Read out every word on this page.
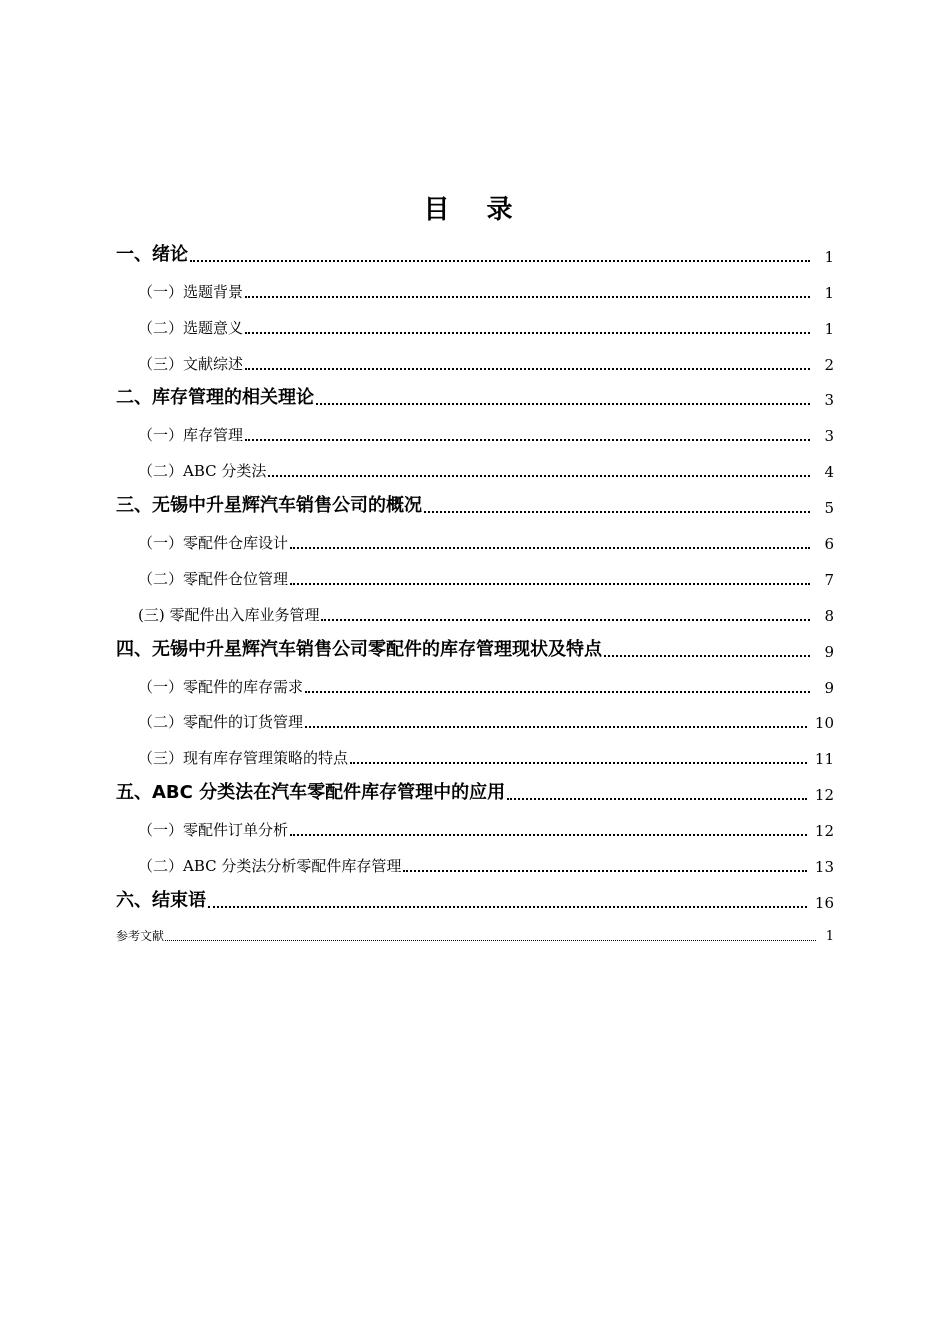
目 录
一、绪论	1
（一）选题背景	1
（二）选题意义	1
（三）文献综述	2
二、库存管理的相关理论	3
（一）库存管理	3
（二）ABC 分类法	4
三、无锡中升星辉汽车销售公司的概况	5
（一）零配件仓库设计	6
（二）零配件仓位管理	7
(三) 零配件出入库业务管理	8
四、无锡中升星辉汽车销售公司零配件的库存管理现状及特点	9
（一）零配件的库存需求	9
（二）零配件的订货管理	10
（三）现有库存管理策略的特点	11
五、ABC 分类法在汽车零配件库存管理中的应用	12
（一）零配件订单分析	12
（二）ABC 分类法分析零配件库存管理	13
六、结束语	16
参考文献	1
